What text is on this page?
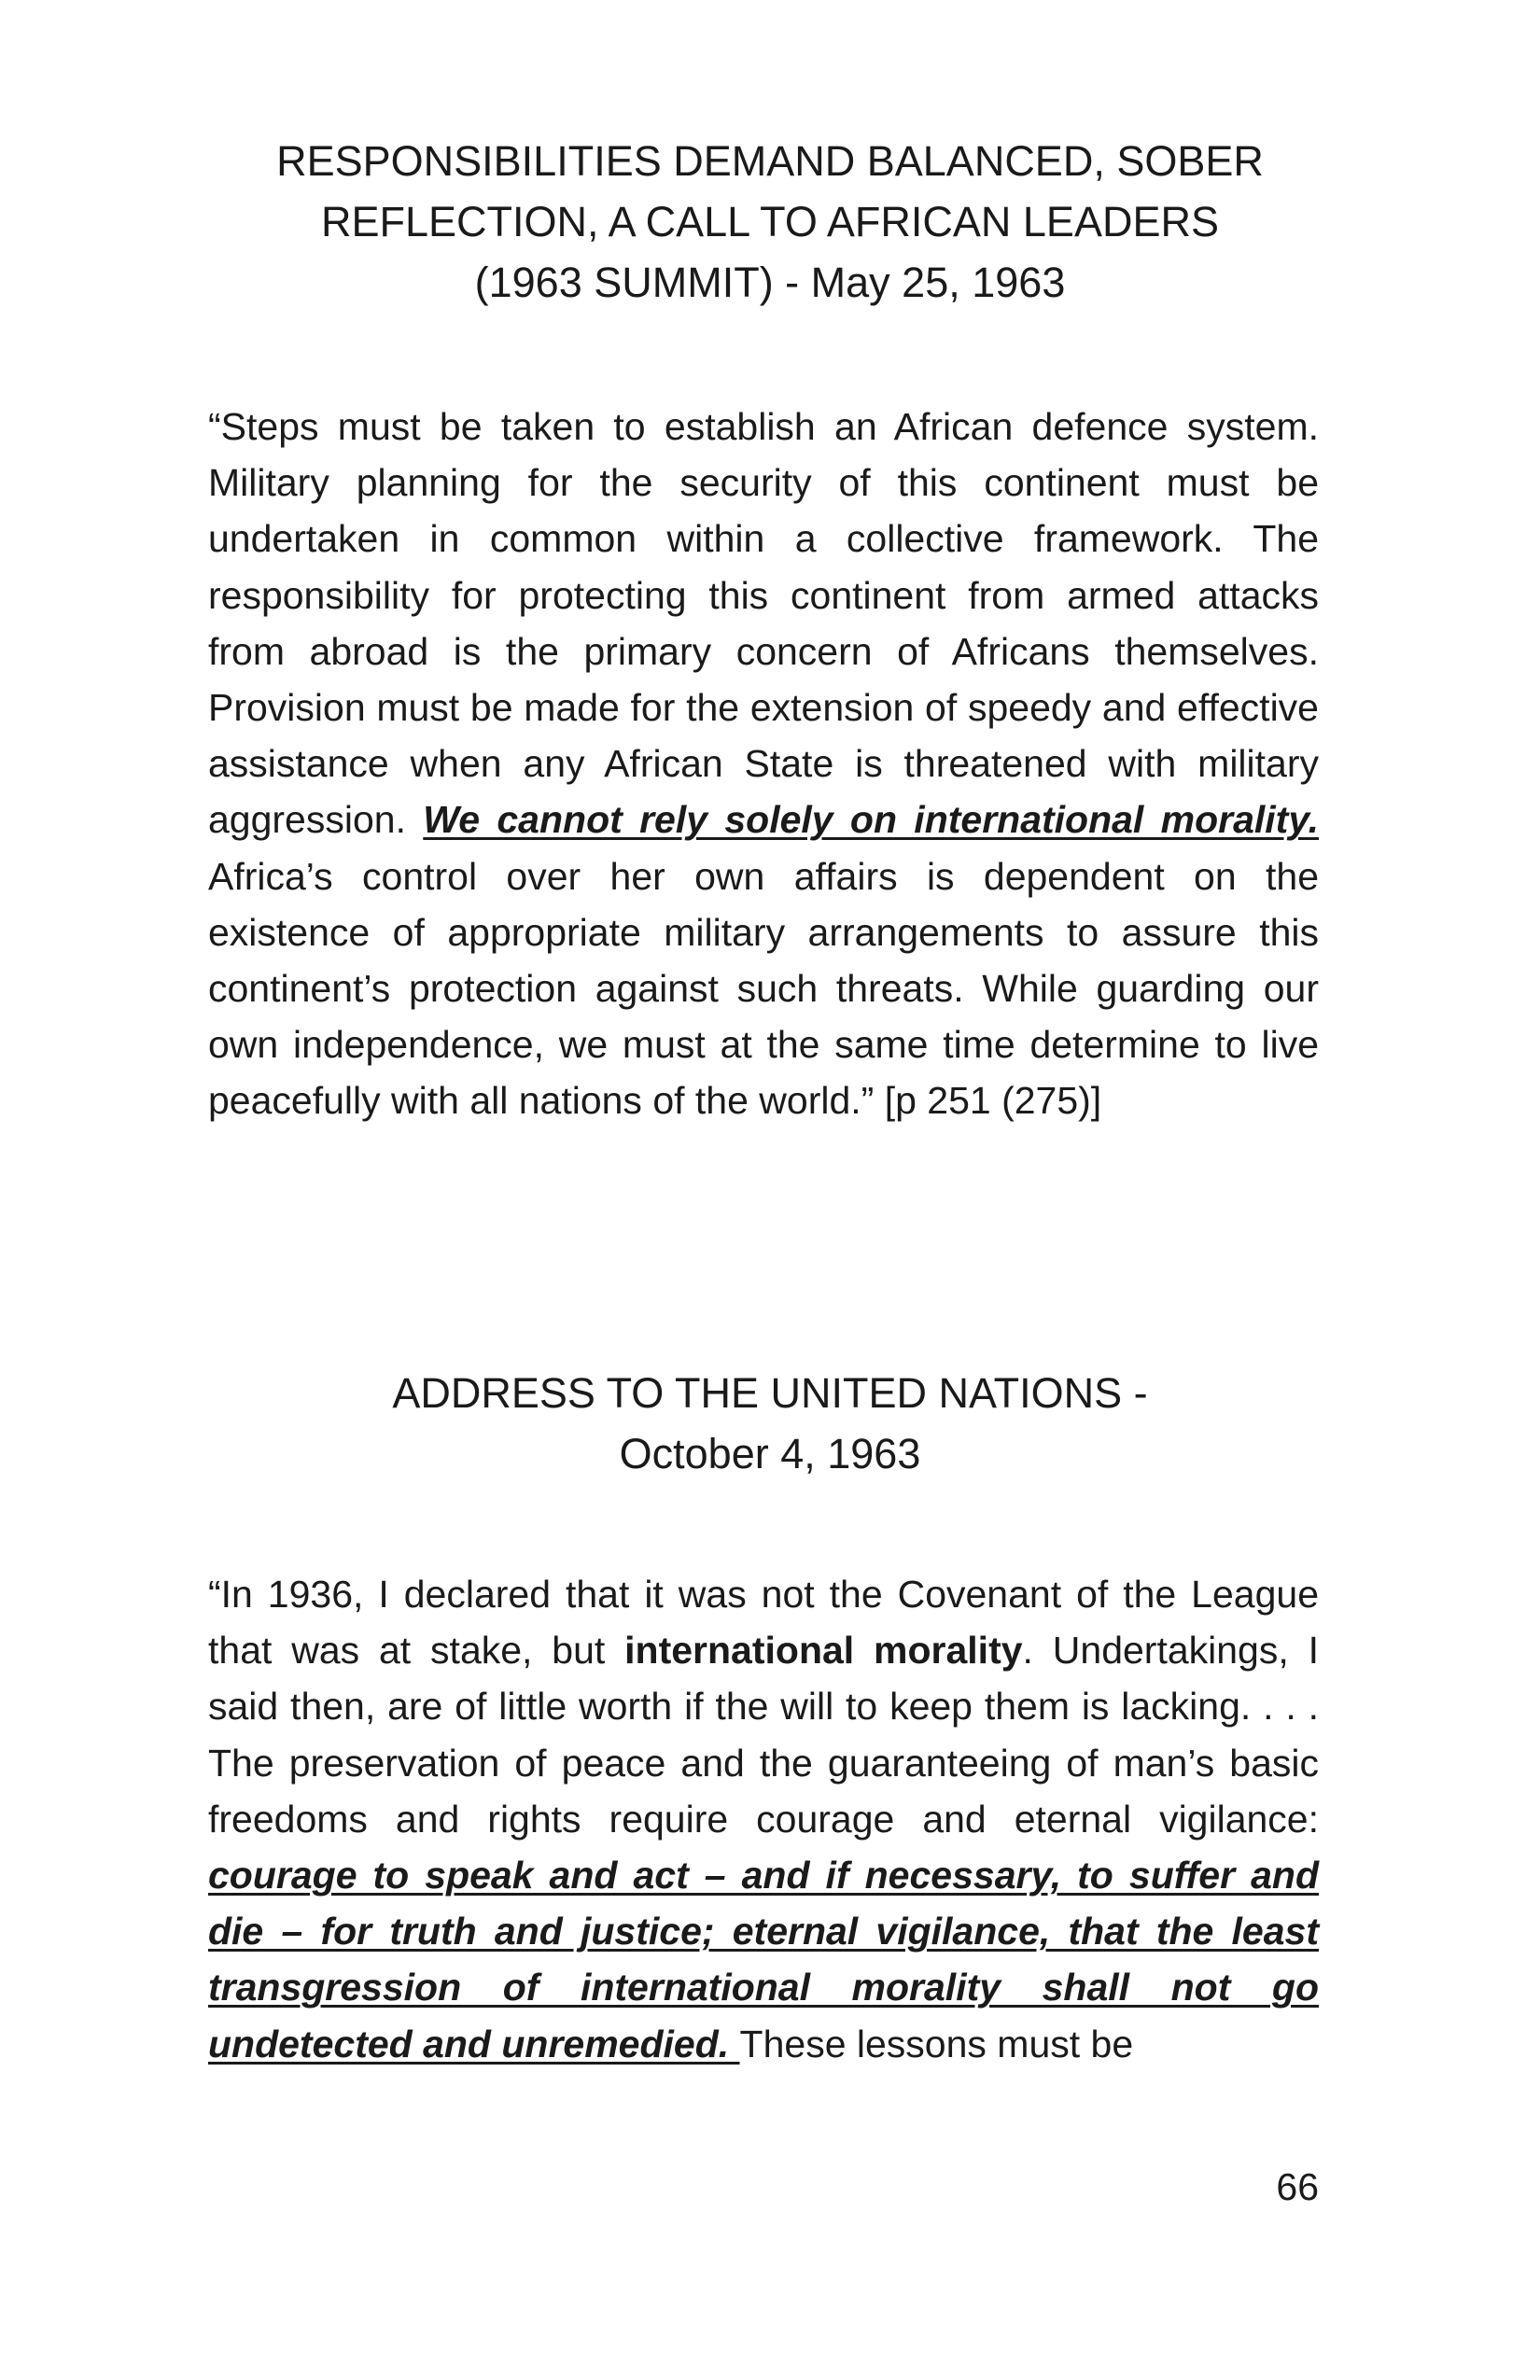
RESPONSIBILITIES DEMAND BALANCED, SOBER
REFLECTION, A CALL TO AFRICAN LEADERS
(1963 SUMMIT) - May 25, 1963

“Steps must be taken to establish an African defence system. Military planning for the security of this continent must be undertaken in common within a collective framework. The responsibility for protecting this continent from armed attacks from abroad is the primary concern of Africans themselves. Provision must be made for the extension of speedy and effective assistance when any African State is threatened with military aggression. We cannot rely solely on international morality. Africa’s control over her own affairs is dependent on the existence of appropriate military arrangements to assure this continent’s protection against such threats. While guarding our own independence, we must at the same time determine to live peacefully with all nations of the world.” [p 251 (275)]

ADDRESS TO THE UNITED NATIONS -
October 4, 1963

“In 1936, I declared that it was not the Covenant of the League that was at stake, but international morality. Undertakings, I said then, are of little worth if the will to keep them is lacking. . . . The preservation of peace and the guaranteeing of man’s basic freedoms and rights require courage and eternal vigilance: courage to speak and act – and if necessary, to suffer and die – for truth and justice; eternal vigilance, that the least transgression of international morality shall not go undetected and unremedied. These lessons must be

66
